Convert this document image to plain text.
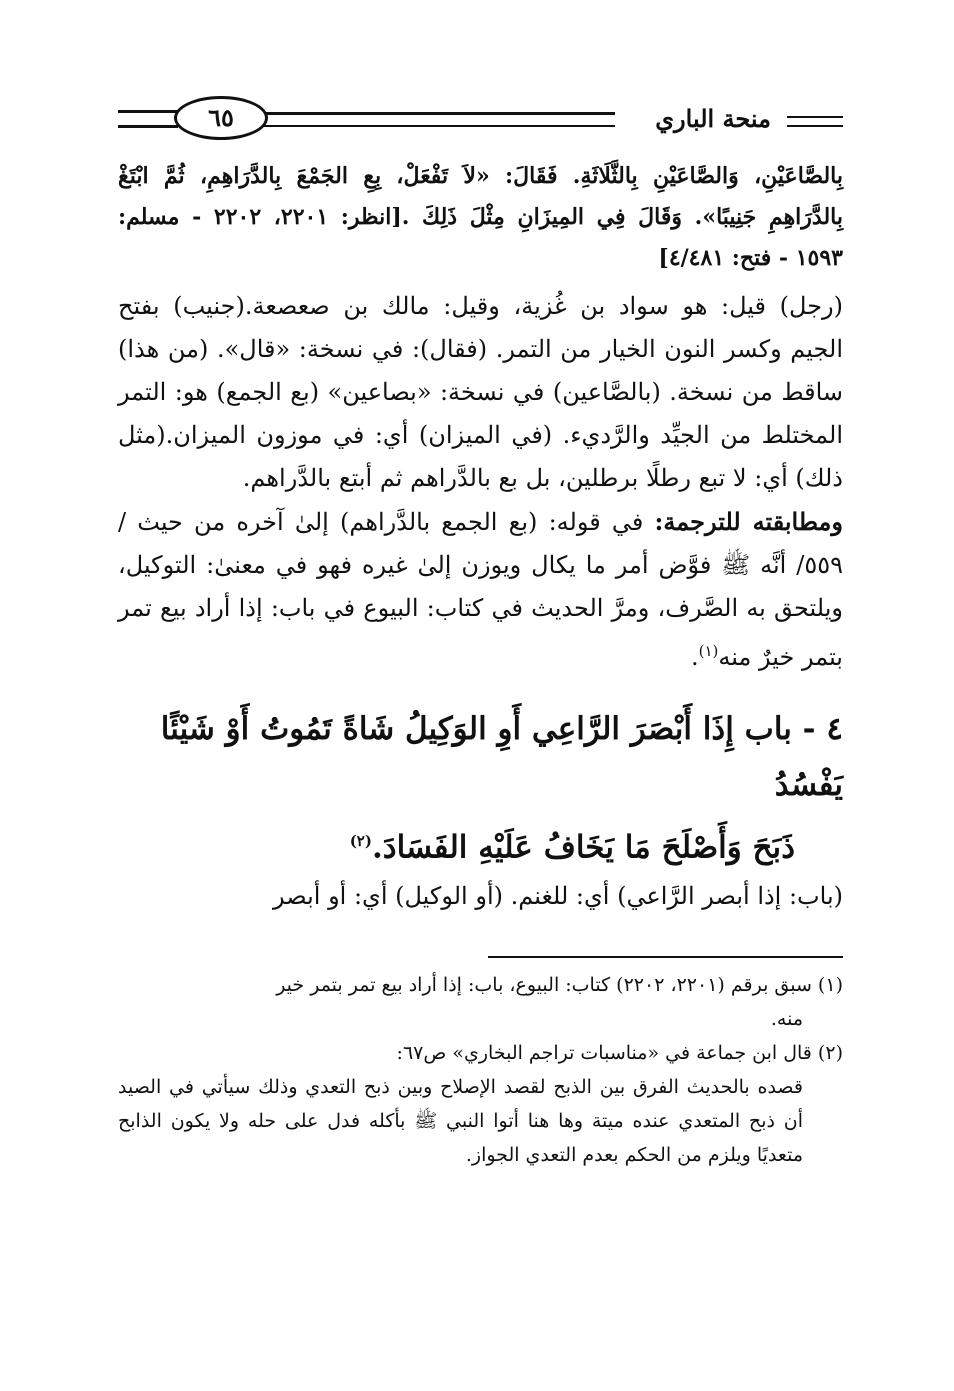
منحة الباري
٦٥

بِالصَّاعَيْنِ، وَالصَّاعَيْنِ بِالثَّلَاثَةِ. فَقَالَ: «لاَ تَفْعَلْ، بِعِ الجَمْعَ بِالدَّرَاهِمِ، ثُمَّ ابْتَغْ بِالدَّرَاهِمِ جَنِيبًا». وَقَالَ فِي المِيزَانِ مِثْلَ ذَلِكَ .[انظر: ٢٢٠١، ٢٢٠٢ - مسلم: ١٥٩٣ - فتح: ٤/٤٨١]

(رجل) قيل: هو سواد بن غُزية، وقيل: مالك بن صعصعة.(جنيب) بفتح الجيم وكسر النون الخيار من التمر. (فقال): في نسخة: «قال». (من هذا) ساقط من نسخة. (بالصَّاعين) في نسخة: «بصاعين» (بع الجمع) هو: التمر المختلط من الجيِّد والرَّديء. (في الميزان) أي: في موزون الميزان.(مثل ذلك) أي: لا تبع رطلًا برطلين، بل بع بالدَّراهم ثم أبتع بالدَّراهم.

ومطابقته للترجمة: في قوله: (بع الجمع بالدَّراهم) إلىٰ آخره من حيث /٥٥٩/ أنَّه ﷺ فوَّض أمر ما يكال ويوزن إلىٰ غيره فهو في معنىٰ: التوكيل، ويلتحق به الصَّرف، ومرَّ الحديث في كتاب: البيوع في باب: إذا أراد بيع تمر بتمر خيرٌ منه$^{(١)}$.

٤ - باب إِذَا أَبْصَرَ الرَّاعِي أَوِ الوَكِيلُ شَاةً تَمُوتُ أَوْ شَيْئًا يَفْسُدُ
ذَبَحَ وَأَصْلَحَ مَا يَخَافُ عَلَيْهِ الفَسَادَ.$^{(٢)}$

(باب: إذا أبصر الرَّاعي) أي: للغنم. (أو الوكيل) أي: أو أبصر

(١) سبق برقم (٢٢٠١، ٢٢٠٢) كتاب: البيوع، باب: إذا أراد بيع تمر بتمر خير

منه.

(٢) قال ابن جماعة في «مناسبات تراجم البخاري» ص٦٧:

قصده بالحديث الفرق بين الذبح لقصد الإصلاح وبين ذبح التعدي وذلك سيأتي في الصيد أن ذبح المتعدي عنده ميتة وها هنا أتوا النبي ﷺ بأكله فدل على حله ولا يكون الذابح متعديًا ويلزم من الحكم بعدم التعدي الجواز.
